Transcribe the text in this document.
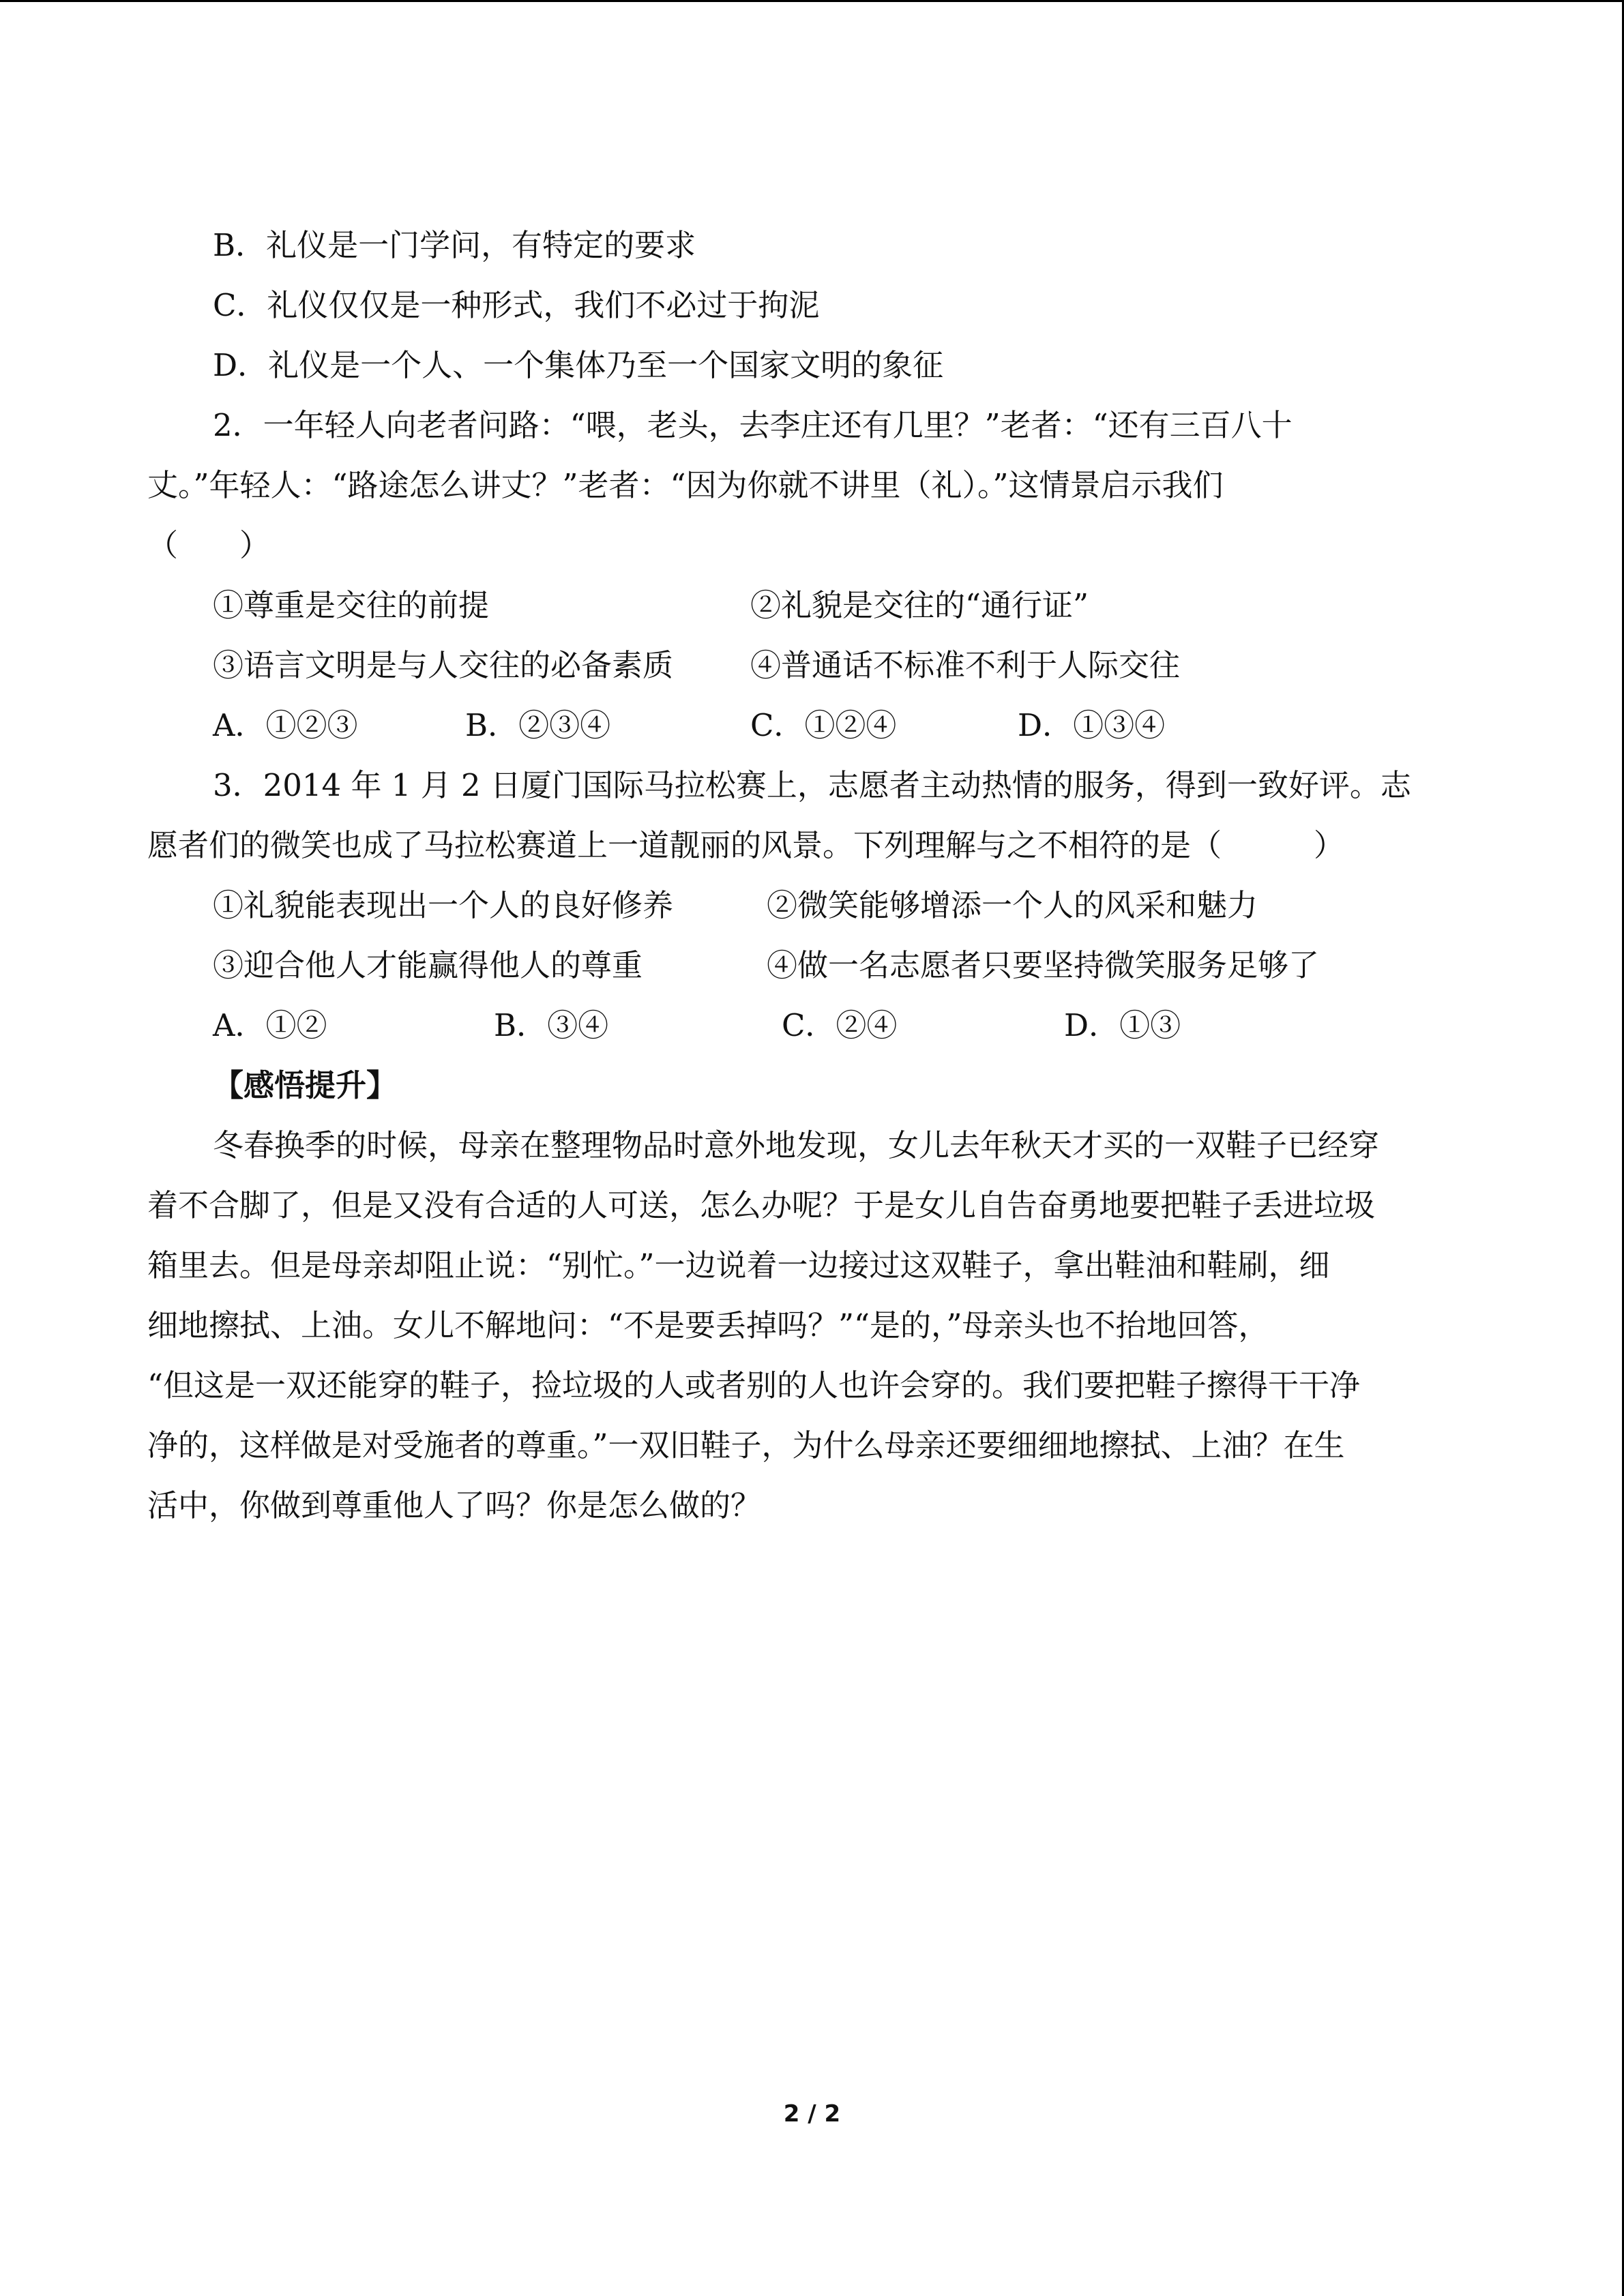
B．礼仪是一门学问，有特定的要求
C．礼仪仅仅是一种形式，我们不必过于拘泥
D．礼仪是一个人、一个集体乃至一个国家文明的象征
2．一年轻人向老者问路：“喂，老头，去李庄还有几里？”老者：“还有三百八十
丈。”年轻人：“路途怎么讲丈？”老者：“因为你就不讲里（礼）。”这情景启示我们
（　　）
①尊重是交往的前提	②礼貌是交往的“通行证”
③语言文明是与人交往的必备素质	④普通话不标准不利于人际交往
A．①②③	B．②③④	C．①②④	D．①③④
3．2014 年 1 月 2 日厦门国际马拉松赛上，志愿者主动热情的服务，得到一致好评。志
愿者们的微笑也成了马拉松赛道上一道靓丽的风景。下列理解与之不相符的是（　　　）
①礼貌能表现出一个人的良好修养	②微笑能够增添一个人的风采和魅力
③迎合他人才能赢得他人的尊重	④做一名志愿者只要坚持微笑服务足够了
A．①②	B．③④	C．②④	D．①③
【感悟提升】
冬春换季的时候，母亲在整理物品时意外地发现，女儿去年秋天才买的一双鞋子已经穿
着不合脚了，但是又没有合适的人可送，怎么办呢？于是女儿自告奋勇地要把鞋子丢进垃圾
箱里去。但是母亲却阻止说：“别忙。”一边说着一边接过这双鞋子，拿出鞋油和鞋刷，细
细地擦拭、上油。女儿不解地问：“不是要丢掉吗？”“是的，”母亲头也不抬地回答，
“但这是一双还能穿的鞋子，捡垃圾的人或者别的人也许会穿的。我们要把鞋子擦得干干净
净的，这样做是对受施者的尊重。”一双旧鞋子，为什么母亲还要细细地擦拭、上油？在生
活中，你做到尊重他人了吗？你是怎么做的？
2 / 2
